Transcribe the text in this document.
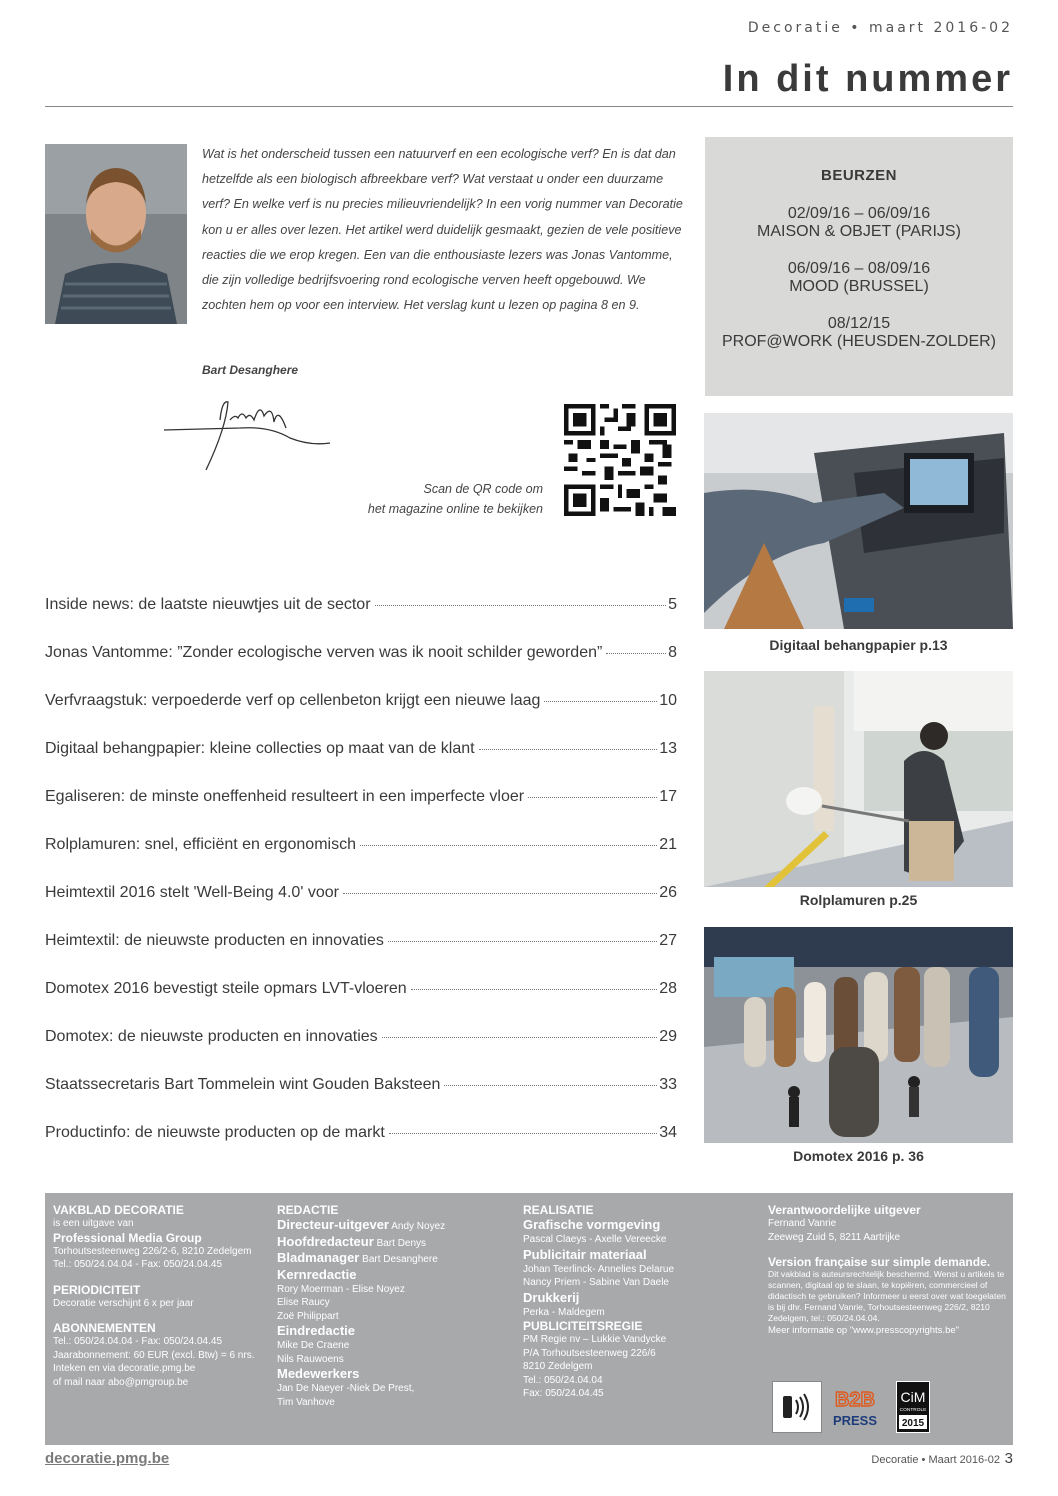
Decoratie • maart 2016-02
In dit nummer
Wat is het onderscheid tussen een natuurverf en een ecologische verf? En is dat dan hetzelfde als een biologisch afbreekbare verf? Wat verstaat u onder een duurzame verf? En welke verf is nu precies milieuvriendelijk? In een vorig nummer van Decoratie kon u er alles over lezen. Het artikel werd duidelijk gesmaakt, gezien de vele positieve reacties die we erop kregen. Een van die enthousiaste lezers was Jonas Vantomme, die zijn volledige bedrijfsvoering rond ecologische verven heeft opgebouwd. We zochten hem op voor een interview. Het verslag kunt u lezen op pagina 8 en 9.
Bart Desanghere
Scan de QR code om
het magazine online te bekijken
BEURZEN
02/09/16 – 06/09/16
MAISON & OBJET (PARIJS)
06/09/16 – 08/09/16
MOOD (BRUSSEL)
08/12/15
PROF@WORK (HEUSDEN-ZOLDER)
Digitaal behangpapier p.13
Rolplamuren p.25
Domotex 2016 p. 36
Inside news: de laatste nieuwtjes uit de sector	5
Jonas Vantomme: ”Zonder ecologische verven was ik nooit schilder geworden”	8
Verfvraagstuk: verpoederde verf op cellenbeton krijgt een nieuwe laag	10
Digitaal behangpapier: kleine collecties op maat van de klant	13
Egaliseren: de minste oneffenheid resulteert in een imperfecte vloer	17
Rolplamuren: snel, efficiënt en ergonomisch	21
Heimtextil 2016 stelt 'Well-Being 4.0' voor	26
Heimtextil: de nieuwste producten en innovaties	27
Domotex 2016 bevestigt steile opmars LVT-vloeren	28
Domotex: de nieuwste producten en innovaties	29
Staatssecretaris Bart Tommelein wint Gouden Baksteen	33
Productinfo: de nieuwste producten op de markt	34
VAKBLAD DECORATIE
is een uitgave van
Professional Media Group
Torhoutsesteenweg 226/2-6, 8210 Zedelgem
Tel.: 050/24.04.04 - Fax: 050/24.04.45
PERIODICITEIT
Decoratie verschijnt 6 x per jaar
ABONNEMENTEN
Tel.: 050/24.04.04 - Fax: 050/24.04.45
Jaarabonnement: 60 EUR (excl. Btw) = 6 nrs.
Inteken en via decoratie.pmg.be
of mail naar abo@pmgroup.be
REDACTIE
Directeur-uitgever Andy Noyez
Hoofdredacteur Bart Denys
Bladmanager Bart Desanghere
Kernredactie
Rory Moerman - Elise Noyez
Elise Raucy
Zoë Philippart
Eindredactie
Mike De Craene
Nils Rauwoens
Medewerkers
Jan De Naeyer -Niek De Prest,
Tim Vanhove
REALISATIE
Grafische vormgeving
Pascal Claeys - Axelle Vereecke
Publicitair materiaal
Johan Teerlinck- Annelies Delarue
Nancy Priem - Sabine Van Daele
Drukkerij
Perka - Maldegem
PUBLICITEITSREGIE
PM Regie nv – Lukkie Vandycke
P/A Torhoutsesteenweg 226/6
8210 Zedelgem
Tel.: 050/24.04.04
Fax: 050/24.04.45
Verantwoordelijke uitgever
Fernand Vanrie
Zeeweg Zuid 5, 8211 Aartrijke
Version française sur simple demande.
Dit vakblad is auteursrechtelijk beschermd. Wenst u artikels te scannen, digitaal op te slaan, te kopiëren, commercieel of didactisch te gebruiken? Informeer u eerst over wat toegelaten is bij dhr. Fernand Vanrie, Torhoutsesteenweg 226/2, 8210 Zedelgem, tel.: 050/24.04.04.
Meer informatie op "www.presscopyrights.be"
B2B
PRESS
CiM
CONTROLE
2015
decoratie.pmg.be	Decoratie • Maart 2016-02 3
